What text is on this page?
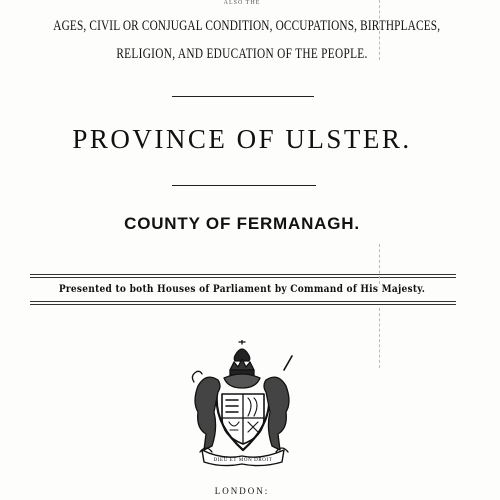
ALSO THE
AGES, CIVIL OR CONJUGAL CONDITION, OCCUPATIONS, BIRTHPLACES,
RELIGION, AND EDUCATION OF THE PEOPLE.
PROVINCE OF ULSTER.
COUNTY OF FERMANAGH.
Presented to both Houses of Parliament by Command of His Majesty.
DIEU ET MON DROIT
LONDON:
